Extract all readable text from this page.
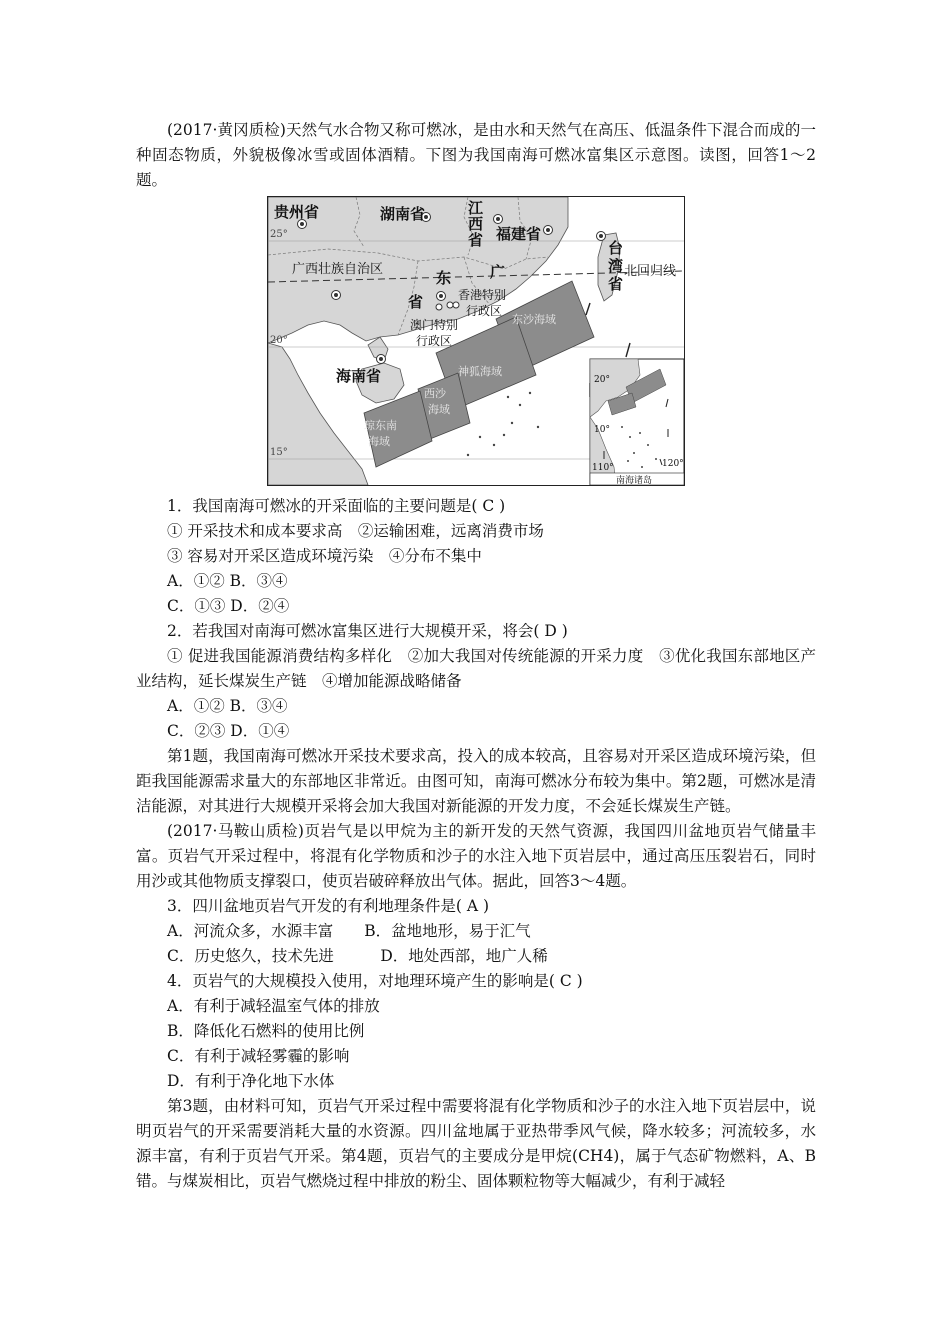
(2017·黄冈质检)天然气水合物又称可燃冰，是由水和天然气在高压、低温条件下混合而成的一种固态物质，外貌极像冰雪或固体酒精。下图为我国南海可燃冰富集区示意图。读图，回答1～2题。

贵州省	湖南省	江
西
省 福建省
台
湾
省
广西壮族自治区	东	广
省	香港特别
行政区
澳门特别
行政区
海南省
北回归线
东沙海域
神狐海域
西沙
海域
琼东南
海域
25°
20°
15°
20°
10°
110°	120°
南海诸岛

1．我国南海可燃冰的开采面临的主要问题是( C )

① 开采技术和成本要求高　②运输困难，远离消费市场

③ 容易对开采区造成环境污染　④分布不集中

A．①② B．③④

C．①③ D．②④

2．若我国对南海可燃冰富集区进行大规模开采，将会( D )

① 促进我国能源消费结构多样化　②加大我国对传统能源的开采力度　③优化我国东部地区产业结构，延长煤炭生产链　④增加能源战略储备

A．①② B．③④

C．②③ D．①④

第1题，我国南海可燃冰开采技术要求高，投入的成本较高，且容易对开采区造成环境污染，但距我国能源需求量大的东部地区非常近。由图可知，南海可燃冰分布较为集中。第2题，可燃冰是清洁能源，对其进行大规模开采将会加大我国对新能源的开发力度，不会延长煤炭生产链。

(2017·马鞍山质检)页岩气是以甲烷为主的新开发的天然气资源，我国四川盆地页岩气储量丰富。页岩气开采过程中，将混有化学物质和沙子的水注入地下页岩层中，通过高压压裂岩石，同时用沙或其他物质支撑裂口，使页岩破碎释放出气体。据此，回答3～4题。

3．四川盆地页岩气开发的有利地理条件是( A )

A．河流众多，水源丰富　　B．盆地地形，易于汇气

C．历史悠久，技术先进　　　D．地处西部，地广人稀

4．页岩气的大规模投入使用，对地理环境产生的影响是( C )

A．有利于减轻温室气体的排放

B．降低化石燃料的使用比例

C．有利于减轻雾霾的影响

D．有利于净化地下水体

第3题，由材料可知，页岩气开采过程中需要将混有化学物质和沙子的水注入地下页岩层中，说明页岩气的开采需要消耗大量的水资源。四川盆地属于亚热带季风气候，降水较多；河流较多，水源丰富，有利于页岩气开采。第4题，页岩气的主要成分是甲烷(CH4)，属于气态矿物燃料，A、B错。与煤炭相比，页岩气燃烧过程中排放的粉尘、固体颗粒物等大幅减少，有利于减轻
